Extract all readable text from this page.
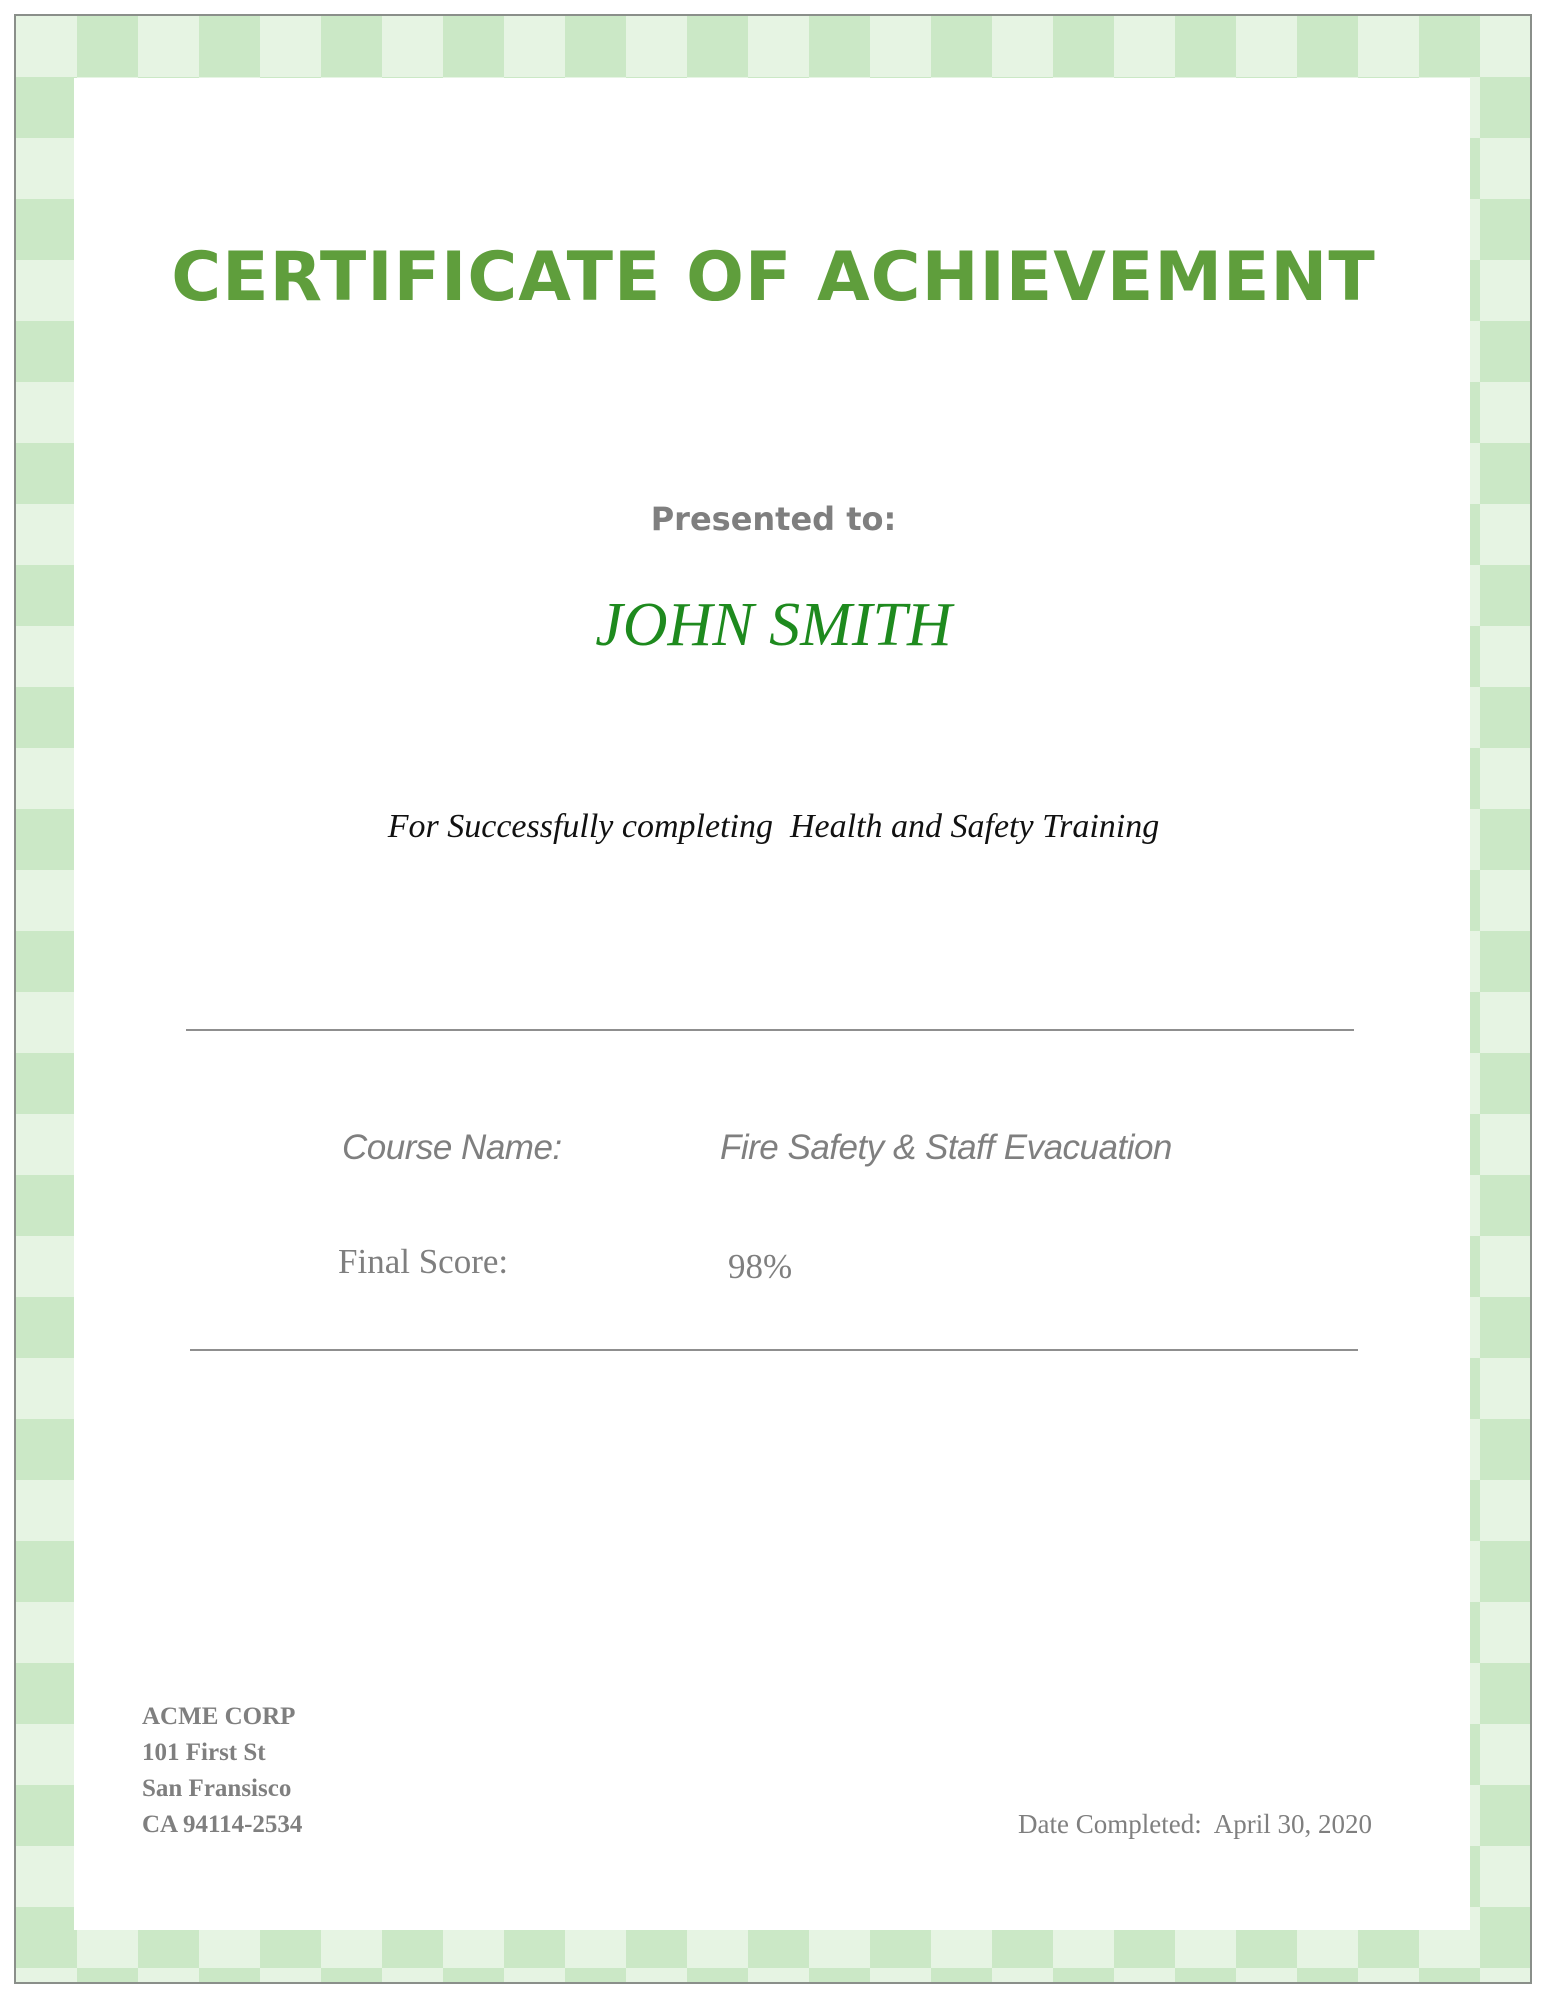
CERTIFICATE OF ACHIEVEMENT
Presented to:
JOHN SMITH
For Successfully completing  Health and Safety Training
Course Name:	Fire Safety & Staff Evacuation
Final Score:	98%
ACME CORP
101 First St
San Fransisco
CA 94114-2534	Date Completed: April 30, 2020
